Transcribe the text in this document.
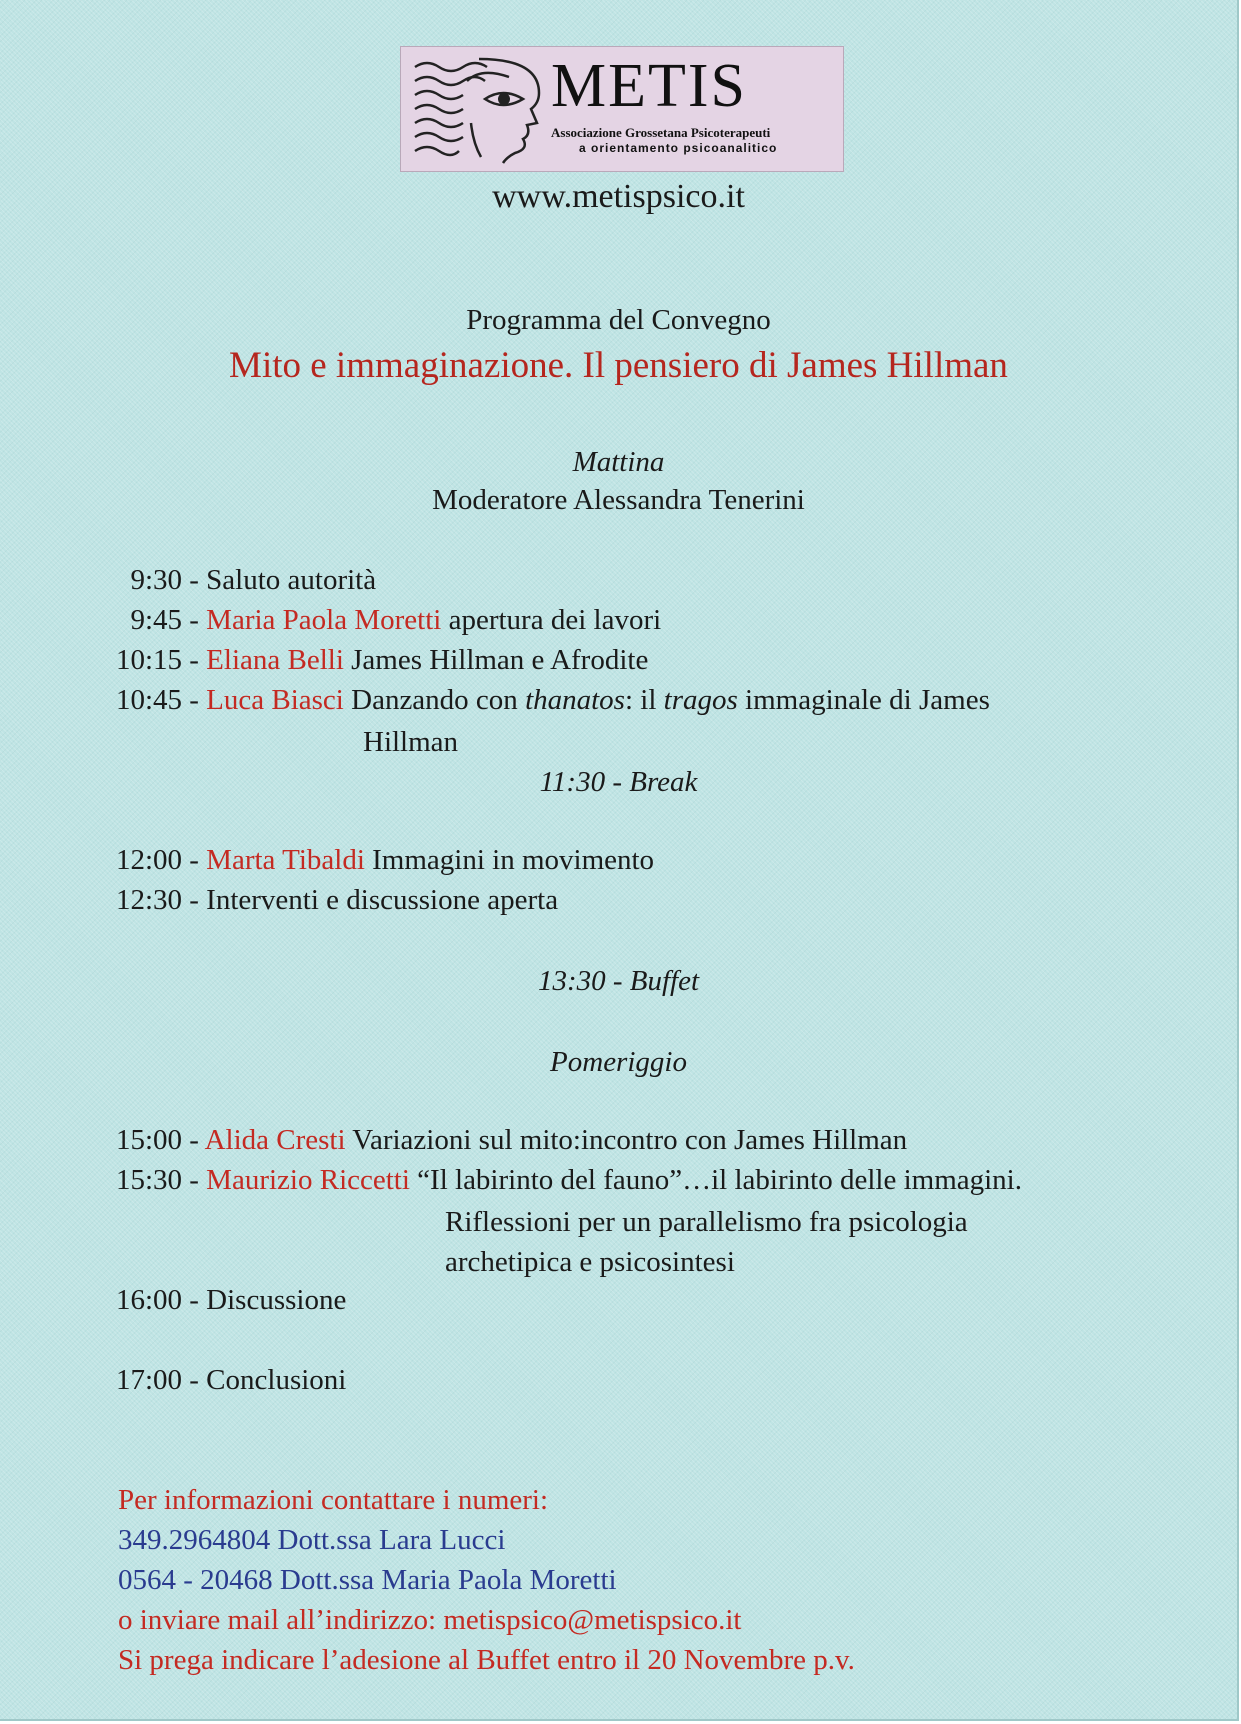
METIS
Associazione Grossetana Psicoterapeuti
a orientamento psicoanalitico
www.metispsico.it
Programma del Convegno
Mito e immaginazione. Il pensiero di James Hillman
Mattina
Moderatore Alessandra Tenerini
9:30 - Saluto autorità
9:45 - Maria Paola Moretti apertura dei lavori
10:15 - Eliana Belli James Hillman e Afrodite
10:45 - Luca Biasci Danzando con thanatos: il tragos immaginale di James
Hillman
11:30 - Break
12:00 - Marta Tibaldi Immagini in movimento
12:30 - Interventi e discussione aperta
13:30 - Buffet
Pomeriggio
15:00 - Alida Cresti Variazioni sul mito:incontro con James Hillman
15:30 - Maurizio Riccetti “Il labirinto del fauno”…il labirinto delle immagini.
Riflessioni per un parallelismo fra psicologia
archetipica e psicosintesi
16:00 - Discussione
17:00 - Conclusioni
Per informazioni contattare i numeri:
349.2964804 Dott.ssa Lara Lucci
0564 - 20468 Dott.ssa Maria Paola Moretti
o inviare mail all’indirizzo: metispsico@metispsico.it
Si prega indicare l’adesione al Buffet entro il 20 Novembre p.v.
